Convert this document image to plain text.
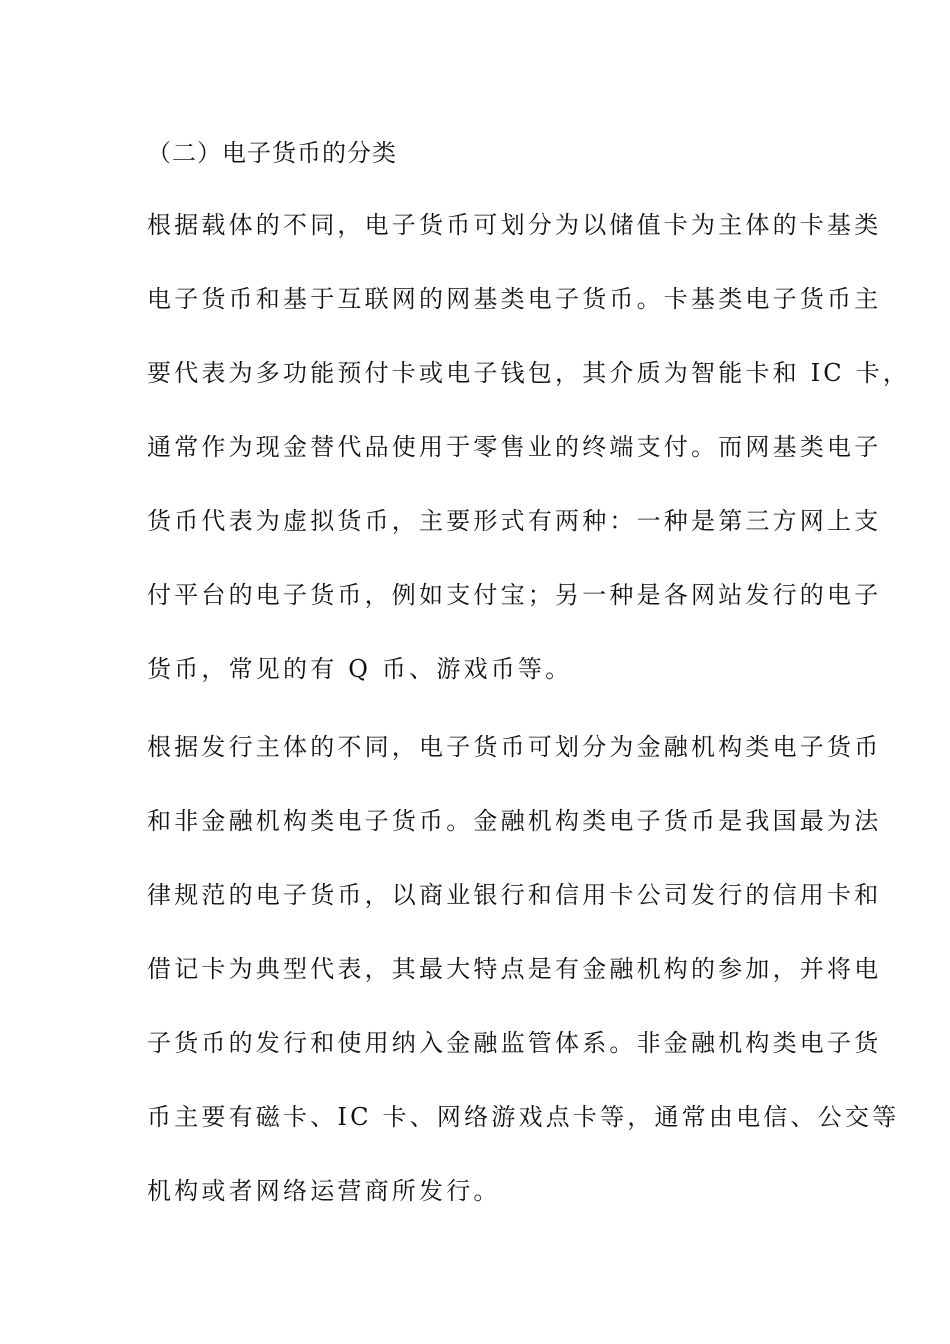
（二）电子货币的分类
根据载体的不同，电子货币可划分为以储值卡为主体的卡基类
电子货币和基于互联网的网基类电子货币。卡基类电子货币主
要代表为多功能预付卡或电子钱包，其介质为智能卡和 IC 卡，
通常作为现金替代品使用于零售业的终端支付。而网基类电子
货币代表为虚拟货币，主要形式有两种：一种是第三方网上支
付平台的电子货币，例如支付宝；另一种是各网站发行的电子
货币，常见的有 Q 币、游戏币等。
根据发行主体的不同，电子货币可划分为金融机构类电子货币
和非金融机构类电子货币。金融机构类电子货币是我国最为法
律规范的电子货币，以商业银行和信用卡公司发行的信用卡和
借记卡为典型代表，其最大特点是有金融机构的参加，并将电
子货币的发行和使用纳入金融监管体系。非金融机构类电子货
币主要有磁卡、IC 卡、网络游戏点卡等，通常由电信、公交等
机构或者网络运营商所发行。
